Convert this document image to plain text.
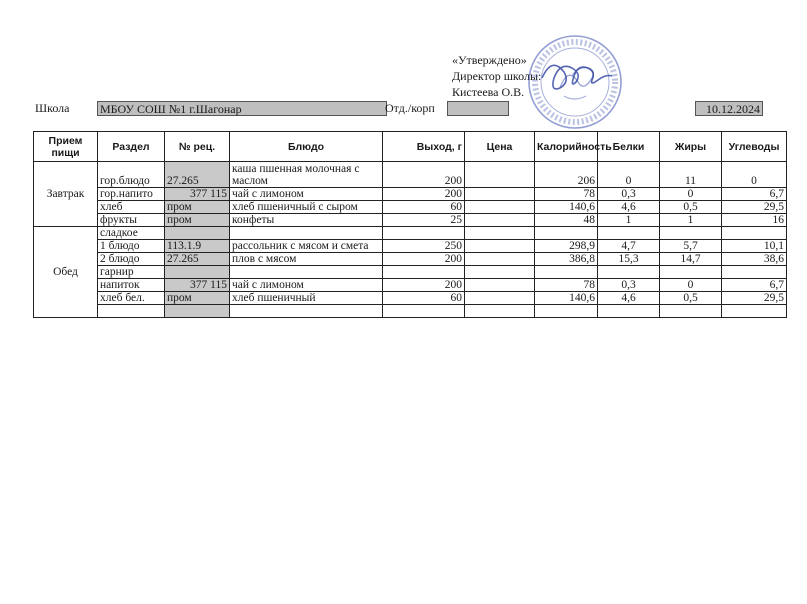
«Утверждено»
Директор школы:
Кистеева О.В.
Школа	МБОУ СОШ №1 г.Шагонар	Отд./корп	10.12.2024
Прием пищи	Раздел	№ рец.	Блюдо	Выход, г	Цена	Калорийность	Белки	Жиры	Углеводы
Завтрак	гор.блюдо	27.265	каша пшенная молочная с маслом	200		206	0	11	0
	гор.напито	377 115	чай с лимоном	200		78	0,3	0	6,7
	хлеб	пром	хлеб пшеничный с сыром	60		140,6	4,6	0,5	29,5
	фрукты	пром	конфеты	25		48	1	1	16
Обед	сладкое								
	1 блюдо	113.1.9	рассольник с мясом и смета	250		298,9	4,7	5,7	10,1
	2 блюдо	27.265	плов с мясом	200		386,8	15,3	14,7	38,6
	гарнир								
	напиток	377 115	чай с лимоном	200		78	0,3	0	6,7
	хлеб бел.	пром	хлеб пшеничный	60		140,6	4,6	0,5	29,5
